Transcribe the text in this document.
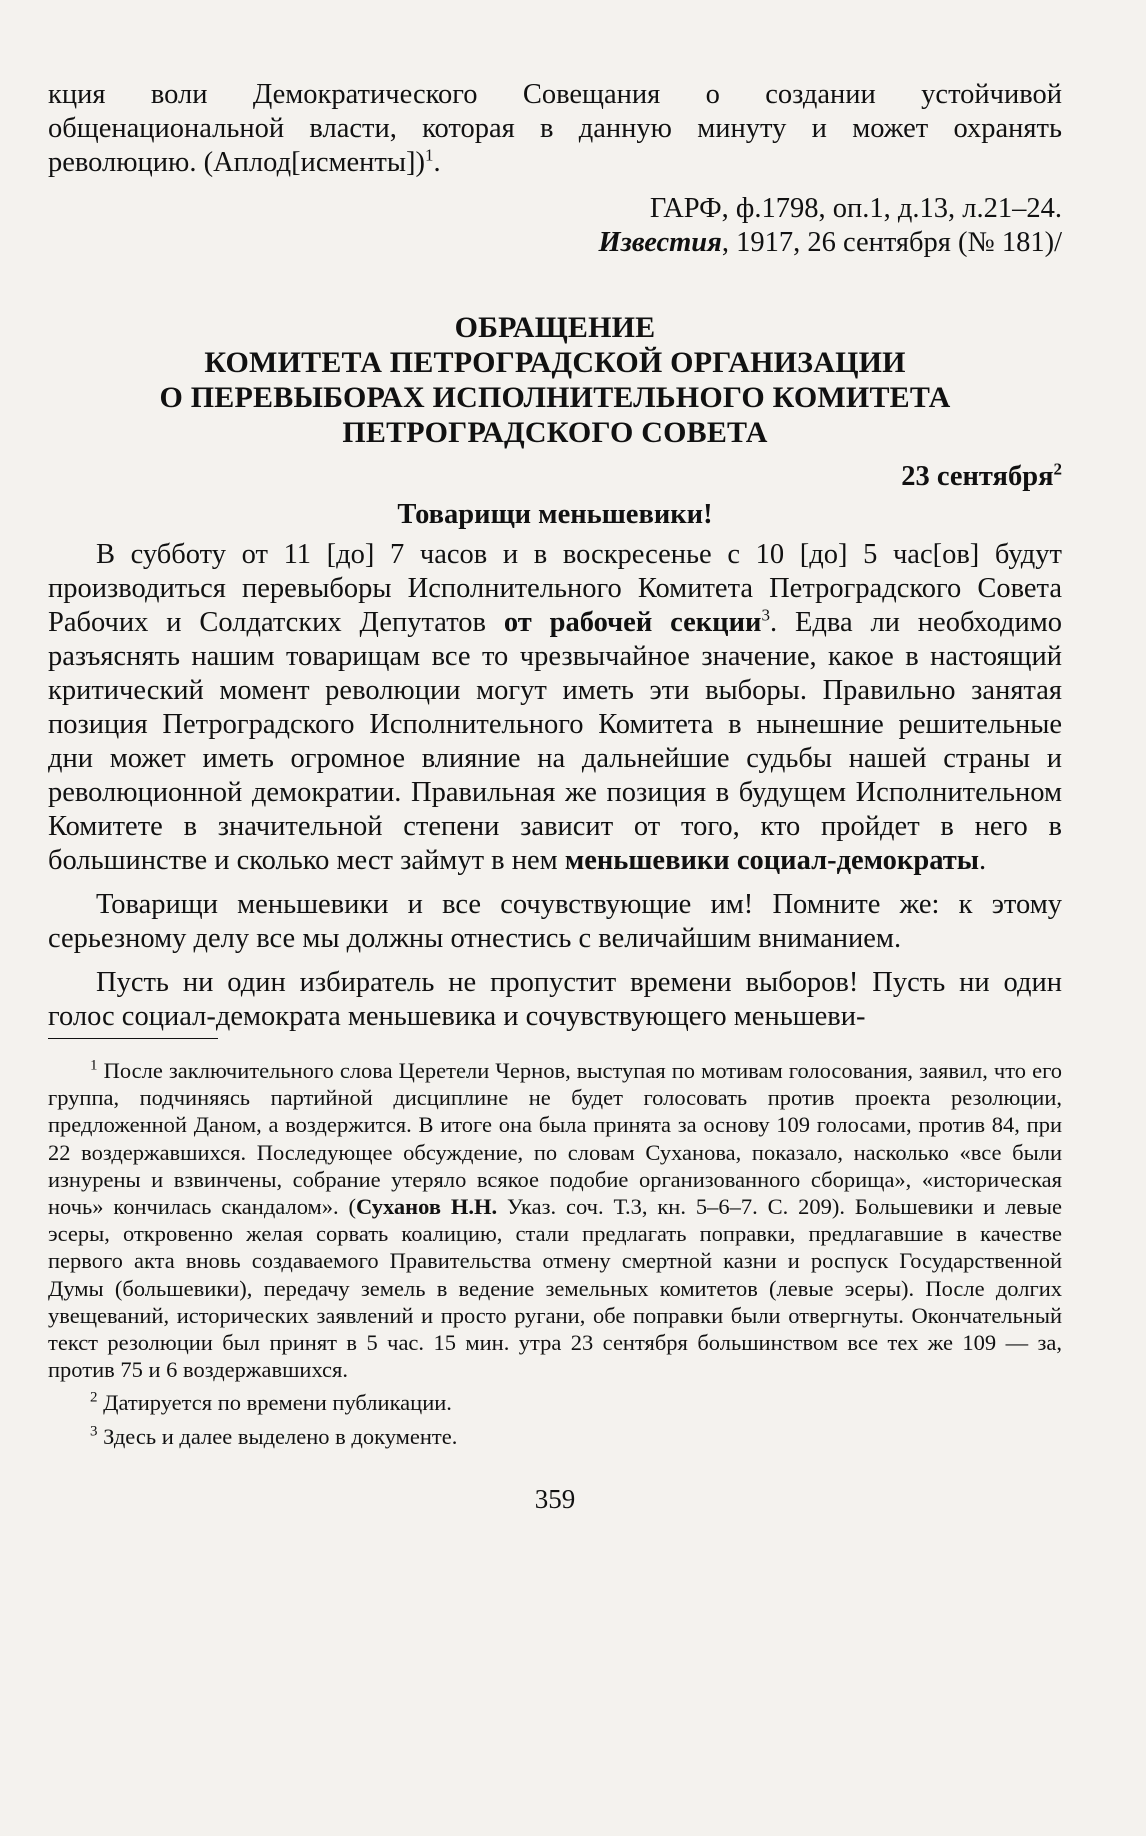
кция воли Демократического Совещания о создании устойчивой общенациональной власти, которая в данную минуту и может охранять революцию. (Аплод[исменты])$^1$.

ГАРФ, ф.1798, оп.1, д.13, л.21–24.

Известия, 1917, 26 сентября (№ 181)/

ОБРАЩЕНИЕ
КОМИТЕТА ПЕТРОГРАДСКОЙ ОРГАНИЗАЦИИ
О ПЕРЕВЫБОРАХ ИСПОЛНИТЕЛЬНОГО КОМИТЕТА
ПЕТРОГРАДСКОГО СОВЕТА
23 сентября$^2$
Товарищи меньшевики!

В субботу от 11 [до] 7 часов и в воскресенье с 10 [до] 5 час[ов] будут производиться перевыборы Исполнительного Комитета Петроградского Совета Рабочих и Солдатских Депутатов от рабочей секции$^3$. Едва ли необходимо разъяснять нашим товарищам все то чрезвычайное значение, какое в настоящий критический момент революции могут иметь эти выборы. Правильно занятая позиция Петроградского Исполнительного Комитета в нынешние решительные дни может иметь огромное влияние на дальнейшие судьбы нашей страны и революционной демократии. Правильная же позиция в будущем Исполнительном Комитете в значительной степени зависит от того, кто пройдет в него в большинстве и сколько мест займут в нем меньшевики социал-демократы.

Товарищи меньшевики и все сочувствующие им! Помните же: к этому серьезному делу все мы должны отнестись с величайшим вниманием.

Пусть ни один избиратель не пропустит времени выборов! Пусть ни один голос социал-демократа меньшевика и сочувствующего меньшеви-

$^1$ После заключительного слова Церетели Чернов, выступая по мотивам голосования, заявил, что его группа, подчиняясь партийной дисциплине не будет голосовать против проекта резолюции, предложенной Даном, а воздержится. В итоге она была принята за основу 109 голосами, против 84, при 22 воздержавшихся. Последующее обсуждение, по словам Суханова, показало, насколько «все были изнурены и взвинчены, собрание утеряло всякое подобие организованного сборища», «историческая ночь» кончилась скандалом». (Суханов Н.Н. Указ. соч. Т.3, кн. 5–6–7. С. 209). Большевики и левые эсеры, откровенно желая сорвать коалицию, стали предлагать поправки, предлагавшие в качестве первого акта вновь создаваемого Правительства отмену смертной казни и роспуск Государственной Думы (большевики), передачу земель в ведение земельных комитетов (левые эсеры). После долгих увещеваний, исторических заявлений и просто ругани, обе поправки были отвергнуты. Окончательный текст резолюции был принят в 5 час. 15 мин. утра 23 сентября большинством все тех же 109 — за, против 75 и 6 воздержавшихся.

$^2$ Датируется по времени публикации.

$^3$ Здесь и далее выделено в документе.

359
